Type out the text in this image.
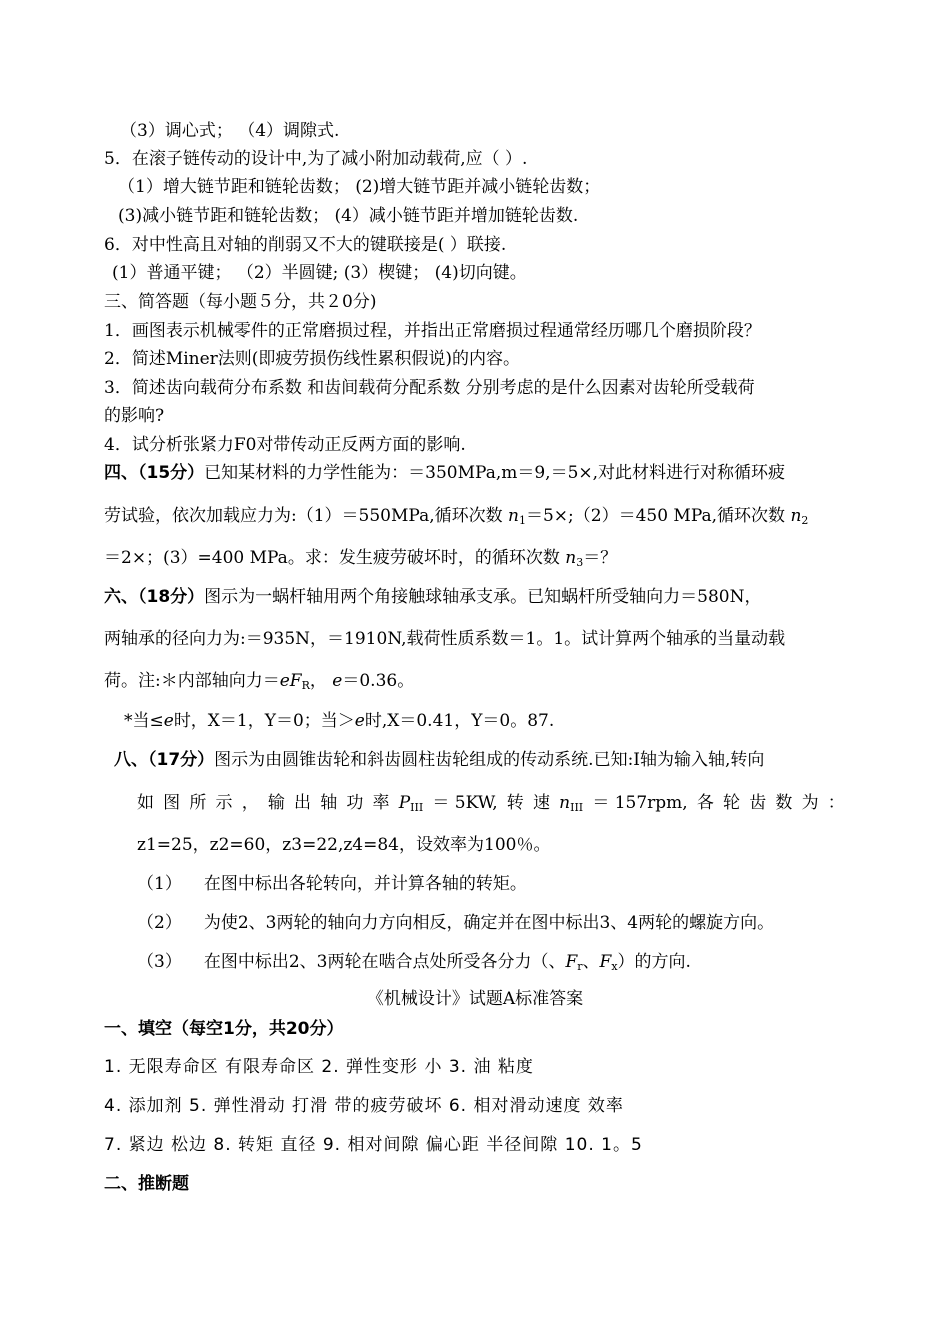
（3）调心式； （4）调隙式.
5．在滚子链传动的设计中,为了减小附加动载荷,应（ ）.
（1）增大链节距和链轮齿数； (2)增大链节距并减小链轮齿数；
(3)减小链节距和链轮齿数； (4）减小链节距并增加链轮齿数.
6．对中性高且对轴的削弱又不大的键联接是( ）联接.
(1）普通平键； （2）半圆键; (3）楔键； (4)切向键。
三、简答题（每小题５分，共２0分)
1．画图表示机械零件的正常磨损过程，并指出正常磨损过程通常经历哪几个磨损阶段？
2．简述Miner法则(即疲劳损伤线性累积假说)的内容。
3．简述齿向载荷分布系数 和齿间载荷分配系数 分别考虑的是什么因素对齿轮所受载荷
的影响?
4．试分析张紧力F0对带传动正反两方面的影响.
四、（15分）已知某材料的力学性能为：＝350MPa,m＝9,＝5×,对此材料进行对称循环疲
劳试验，依次加载应力为:（1）＝550MPa,循环次数 $n_1=5\times;(2)=450$ MPa,循环次数 $n_2$
＝2×；(3）=400 MPa。求：发生疲劳破坏时，的循环次数 $n_3=$？
六、（18分）图示为一蜗杆轴用两个角接触球轴承支承。已知蜗杆所受轴向力＝580N，
两轴承的径向力为:＝935N，＝1910N,载荷性质系数＝1。1。试计算两个轴承的当量动载
荷。注:＊内部轴向力$=eF_R$， e＝0.36。
*当≤e时，X＝1，Y＝0；当＞e时,X＝0.41，Y＝0。87.
八、（17分）图示为由圆锥齿轮和斜齿圆柱齿轮组成的传动系统.已知:Ⅰ轴为输入轴,转向
如 图 所 示 ， 输 出 轴 功 率 PIII ＝ 5KW, 转 速 nIII ＝ 157rpm, 各 轮 齿 数 为 ：
z1=25，z2=60，z3=22,z4=84，设效率为100％。
（1） 在图中标出各轮转向，并计算各轴的转矩。
（2） 为使2、3两轮的轴向力方向相反，确定并在图中标出3、4两轮的螺旋方向。
（3） 在图中标出2、3两轮在啮合点处所受各分力（、$F_r$、$F_x$）的方向.
《机械设计》试题A标准答案
一、填空（每空1分，共20分）
1. 无限寿命区 有限寿命区 2. 弹性变形 小 3. 油 粘度
4. 添加剂 5. 弹性滑动 打滑 带的疲劳破坏 6. 相对滑动速度 效率
7. 紧边 松边 8. 转矩 直径 9. 相对间隙 偏心距 半径间隙 10. 1。5
二、推断题
